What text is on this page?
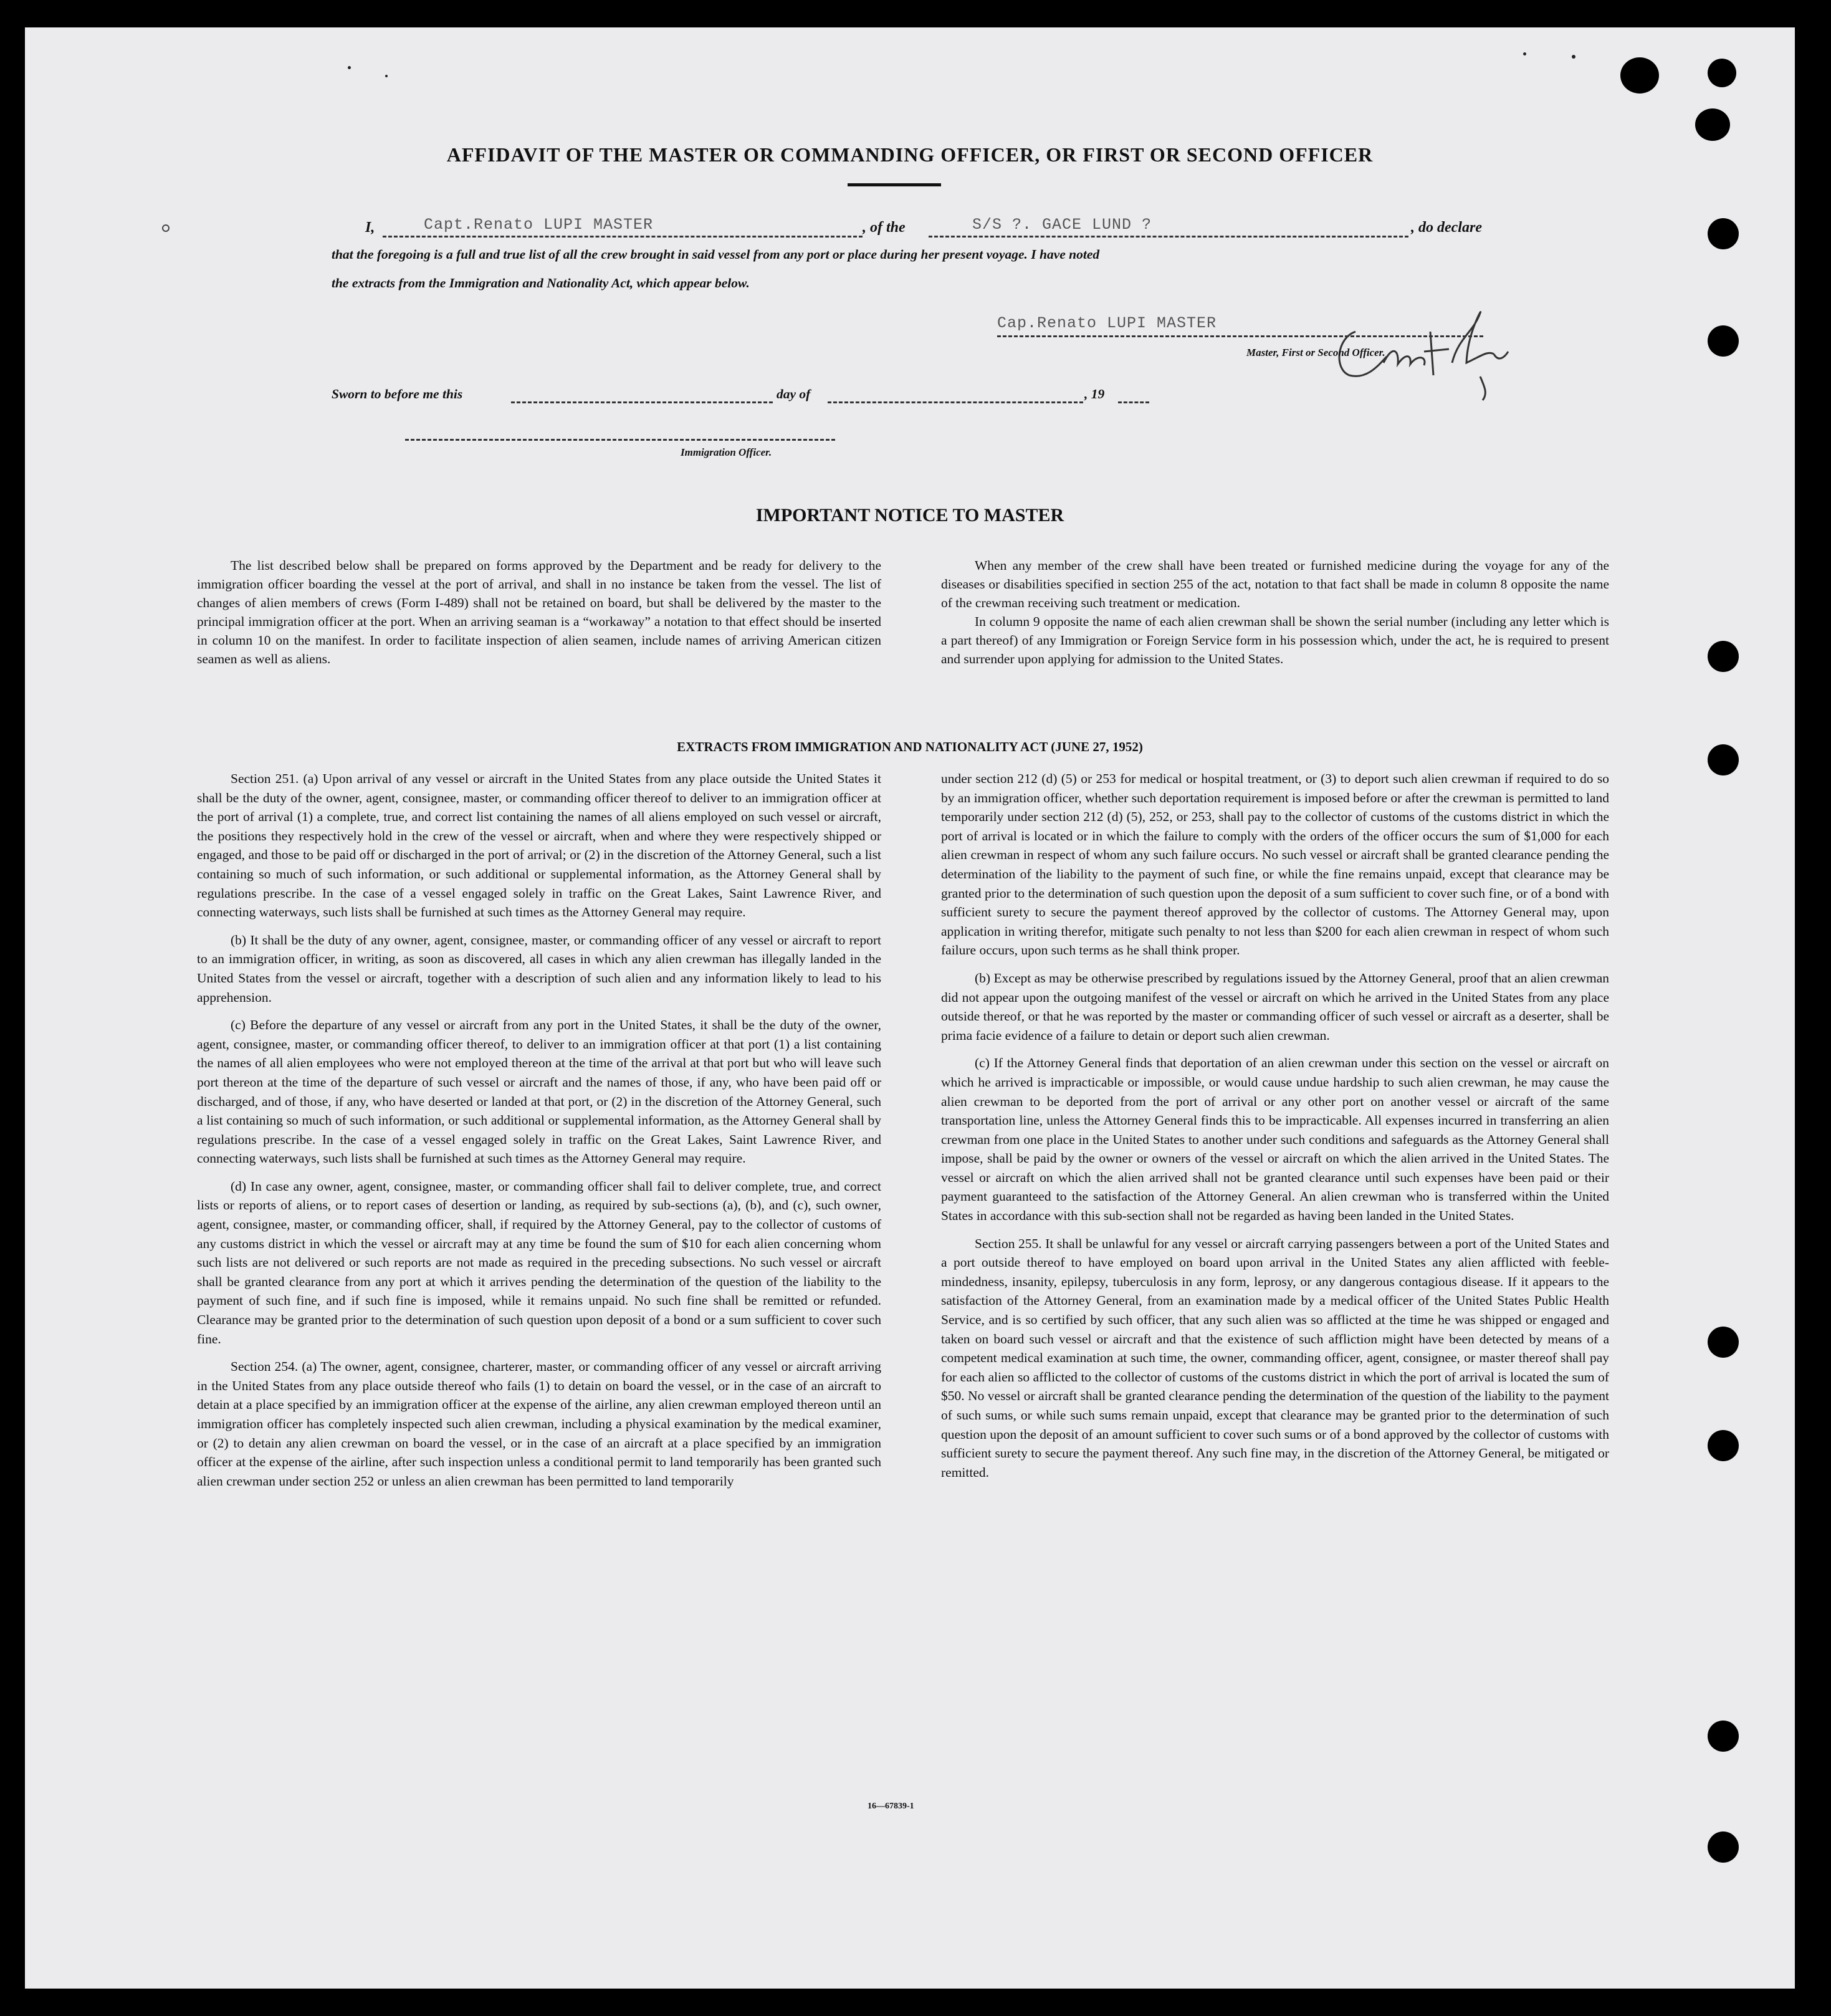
AFFIDAVIT OF THE MASTER OR COMMANDING OFFICER, OR FIRST OR SECOND OFFICER
I,	Capt.Renato LUPI MASTER	, of the	S/S ?. GACE LUND ?	, do declare
that the foregoing is a full and true list of all the crew brought in said vessel from any port or place during her present voyage. I have noted
the extracts from the Immigration and Nationality Act, which appear below.
Cap.Renato LUPI MASTER
Master, First or Second Officer.
Sworn to before me this	day of	, 19
Immigration Officer.
IMPORTANT NOTICE TO MASTER

The list described below shall be prepared on forms approved by the Department and be ready for delivery to the immigration officer boarding the vessel at the port of arrival, and shall in no instance be taken from the vessel. The list of changes of alien members of crews (Form I-489) shall not be retained on board, but shall be delivered by the master to the principal immigration officer at the port. When an arriving seaman is a “workaway” a notation to that effect should be inserted in column 10 on the manifest. In order to facilitate inspection of alien seamen, include names of arriving American citizen seamen as well as aliens.

When any member of the crew shall have been treated or furnished medicine during the voyage for any of the diseases or disabilities specified in section 255 of the act, notation to that fact shall be made in column 8 opposite the name of the crewman receiving such treatment or medication.

In column 9 opposite the name of each alien crewman shall be shown the serial number (including any letter which is a part thereof) of any Immigration or Foreign Service form in his possession which, under the act, he is required to present and surrender upon applying for admission to the United States.

EXTRACTS FROM IMMIGRATION AND NATIONALITY ACT (JUNE 27, 1952)

Section 251. (a) Upon arrival of any vessel or aircraft in the United States from any place outside the United States it shall be the duty of the owner, agent, consignee, master, or commanding officer thereof to deliver to an immigration officer at the port of arrival (1) a complete, true, and correct list containing the names of all aliens employed on such vessel or aircraft, the positions they respectively hold in the crew of the vessel or aircraft, when and where they were respectively shipped or engaged, and those to be paid off or discharged in the port of arrival; or (2) in the discretion of the Attorney General, such a list containing so much of such information, or such additional or supplemental information, as the Attorney General shall by regulations prescribe. In the case of a vessel engaged solely in traffic on the Great Lakes, Saint Lawrence River, and connecting waterways, such lists shall be furnished at such times as the Attorney General may require.

(b) It shall be the duty of any owner, agent, consignee, master, or commanding officer of any vessel or aircraft to report to an immigration officer, in writing, as soon as discovered, all cases in which any alien crewman has illegally landed in the United States from the vessel or aircraft, together with a description of such alien and any information likely to lead to his apprehension.

(c) Before the departure of any vessel or aircraft from any port in the United States, it shall be the duty of the owner, agent, consignee, master, or commanding officer thereof, to deliver to an immigration officer at that port (1) a list containing the names of all alien employees who were not employed thereon at the time of the arrival at that port but who will leave such port thereon at the time of the departure of such vessel or aircraft and the names of those, if any, who have been paid off or discharged, and of those, if any, who have deserted or landed at that port, or (2) in the discretion of the Attorney General, such a list containing so much of such information, or such additional or supplemental information, as the Attorney General shall by regulations prescribe. In the case of a vessel engaged solely in traffic on the Great Lakes, Saint Lawrence River, and connecting waterways, such lists shall be furnished at such times as the Attorney General may require.

(d) In case any owner, agent, consignee, master, or commanding officer shall fail to deliver complete, true, and correct lists or reports of aliens, or to report cases of desertion or landing, as required by sub-sections (a), (b), and (c), such owner, agent, consignee, master, or commanding officer, shall, if required by the Attorney General, pay to the collector of customs of any customs district in which the vessel or aircraft may at any time be found the sum of $10 for each alien concerning whom such lists are not delivered or such reports are not made as required in the preceding subsections. No such vessel or aircraft shall be granted clearance from any port at which it arrives pending the determination of the question of the liability to the payment of such fine, and if such fine is imposed, while it remains unpaid. No such fine shall be remitted or refunded. Clearance may be granted prior to the determination of such question upon deposit of a bond or a sum sufficient to cover such fine.

Section 254. (a) The owner, agent, consignee, charterer, master, or commanding officer of any vessel or aircraft arriving in the United States from any place outside thereof who fails (1) to detain on board the vessel, or in the case of an aircraft to detain at a place specified by an immigration officer at the expense of the airline, any alien crewman employed thereon until an immigration officer has completely inspected such alien crewman, including a physical examination by the medical examiner, or (2) to detain any alien crewman on board the vessel, or in the case of an aircraft at a place specified by an immigration officer at the expense of the airline, after such inspection unless a conditional permit to land temporarily has been granted such alien crewman under section 252 or unless an alien crewman has been permitted to land temporarily

under section 212 (d) (5) or 253 for medical or hospital treatment, or (3) to deport such alien crewman if required to do so by an immigration officer, whether such deportation requirement is imposed before or after the crewman is permitted to land temporarily under section 212 (d) (5), 252, or 253, shall pay to the collector of customs of the customs district in which the port of arrival is located or in which the failure to comply with the orders of the officer occurs the sum of $1,000 for each alien crewman in respect of whom any such failure occurs. No such vessel or aircraft shall be granted clearance pending the determination of the liability to the payment of such fine, or while the fine remains unpaid, except that clearance may be granted prior to the determination of such question upon the deposit of a sum sufficient to cover such fine, or of a bond with sufficient surety to secure the payment thereof approved by the collector of customs. The Attorney General may, upon application in writing therefor, mitigate such penalty to not less than $200 for each alien crewman in respect of whom such failure occurs, upon such terms as he shall think proper.

(b) Except as may be otherwise prescribed by regulations issued by the Attorney General, proof that an alien crewman did not appear upon the outgoing manifest of the vessel or aircraft on which he arrived in the United States from any place outside thereof, or that he was reported by the master or commanding officer of such vessel or aircraft as a deserter, shall be prima facie evidence of a failure to detain or deport such alien crewman.

(c) If the Attorney General finds that deportation of an alien crewman under this section on the vessel or aircraft on which he arrived is impracticable or impossible, or would cause undue hardship to such alien crewman, he may cause the alien crewman to be deported from the port of arrival or any other port on another vessel or aircraft of the same transportation line, unless the Attorney General finds this to be impracticable. All expenses incurred in transferring an alien crewman from one place in the United States to another under such conditions and safeguards as the Attorney General shall impose, shall be paid by the owner or owners of the vessel or aircraft on which the alien arrived in the United States. The vessel or aircraft on which the alien arrived shall not be granted clearance until such expenses have been paid or their payment guaranteed to the satisfaction of the Attorney General. An alien crewman who is transferred within the United States in accordance with this sub-section shall not be regarded as having been landed in the United States.

Section 255. It shall be unlawful for any vessel or aircraft carrying passengers between a port of the United States and a port outside thereof to have employed on board upon arrival in the United States any alien afflicted with feeble-mindedness, insanity, epilepsy, tuberculosis in any form, leprosy, or any dangerous contagious disease. If it appears to the satisfaction of the Attorney General, from an examination made by a medical officer of the United States Public Health Service, and is so certified by such officer, that any such alien was so afflicted at the time he was shipped or engaged and taken on board such vessel or aircraft and that the existence of such affliction might have been detected by means of a competent medical examination at such time, the owner, commanding officer, agent, consignee, or master thereof shall pay for each alien so afflicted to the collector of customs of the customs district in which the port of arrival is located the sum of $50. No vessel or aircraft shall be granted clearance pending the determination of the question of the liability to the payment of such sums, or while such sums remain unpaid, except that clearance may be granted prior to the determination of such question upon the deposit of an amount sufficient to cover such sums or of a bond approved by the collector of customs with sufficient surety to secure the payment thereof. Any such fine may, in the discretion of the Attorney General, be mitigated or remitted.

16—67839-1
